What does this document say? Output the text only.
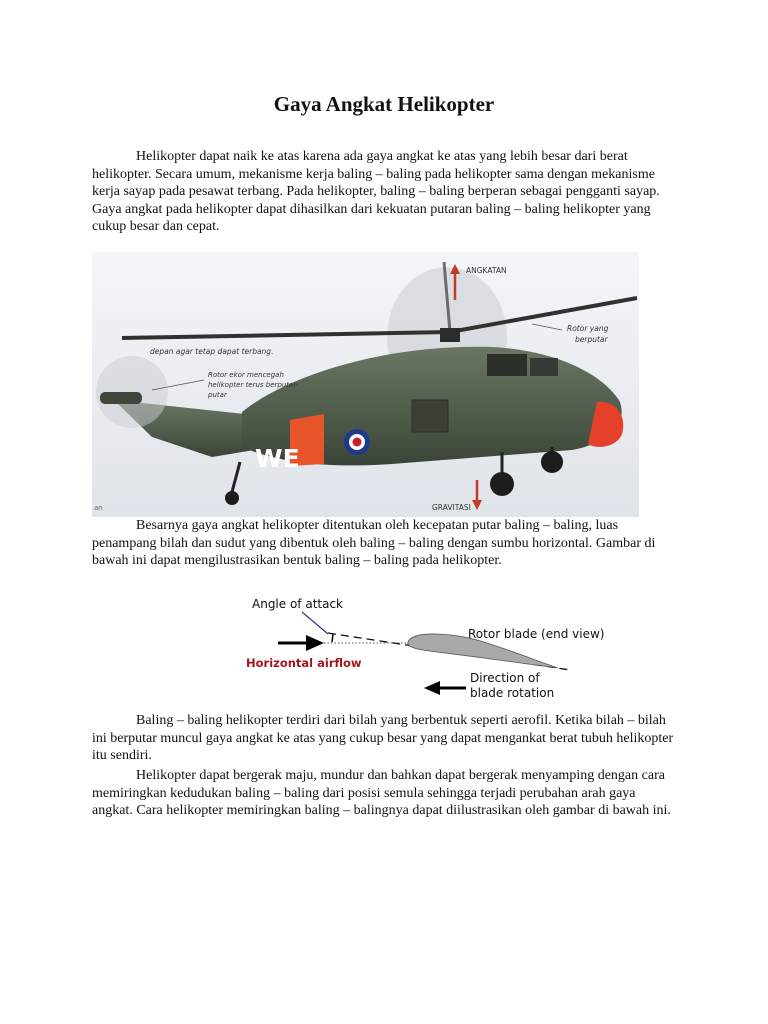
Gaya Angkat Helikopter

Helikopter dapat naik ke atas karena ada gaya angkat ke atas yang lebih besar dari berat helikopter. Secara umum, mekanisme kerja baling – baling pada helikopter sama dengan mekanisme kerja sayap pada pesawat terbang. Pada helikopter, baling – baling berperan sebagai pengganti sayap. Gaya angkat pada helikopter dapat dihasilkan dari kekuatan putaran baling – baling helikopter yang cukup besar dan cepat.

WE
ANGKATAN
GRAVITASI
Rotor yang
berputar
depan agar tetap dapat terbang.
Rotor ekor mencegah
helikopter terus berputar-
putar
an

Besarnya gaya angkat helikopter ditentukan oleh kecepatan putar baling – baling, luas penampang bilah dan sudut yang dibentuk oleh baling – baling dengan sumbu horizontal. Gambar di bawah ini dapat mengilustrasikan bentuk baling – baling pada helikopter.

Angle of attack
Horizontal airflow
Rotor blade (end view)
Direction of
blade rotation

Baling – baling helikopter terdiri dari bilah yang berbentuk seperti aerofil. Ketika bilah – bilah ini berputar muncul gaya angkat ke atas yang cukup besar yang dapat mengankat berat tubuh helikopter itu sendiri.

Helikopter dapat bergerak maju, mundur dan bahkan dapat bergerak menyamping dengan cara memiringkan kedudukan baling – baling dari posisi semula sehingga terjadi perubahan arah gaya angkat. Cara helikopter memiringkan baling – balingnya dapat diilustrasikan oleh gambar di bawah ini.
